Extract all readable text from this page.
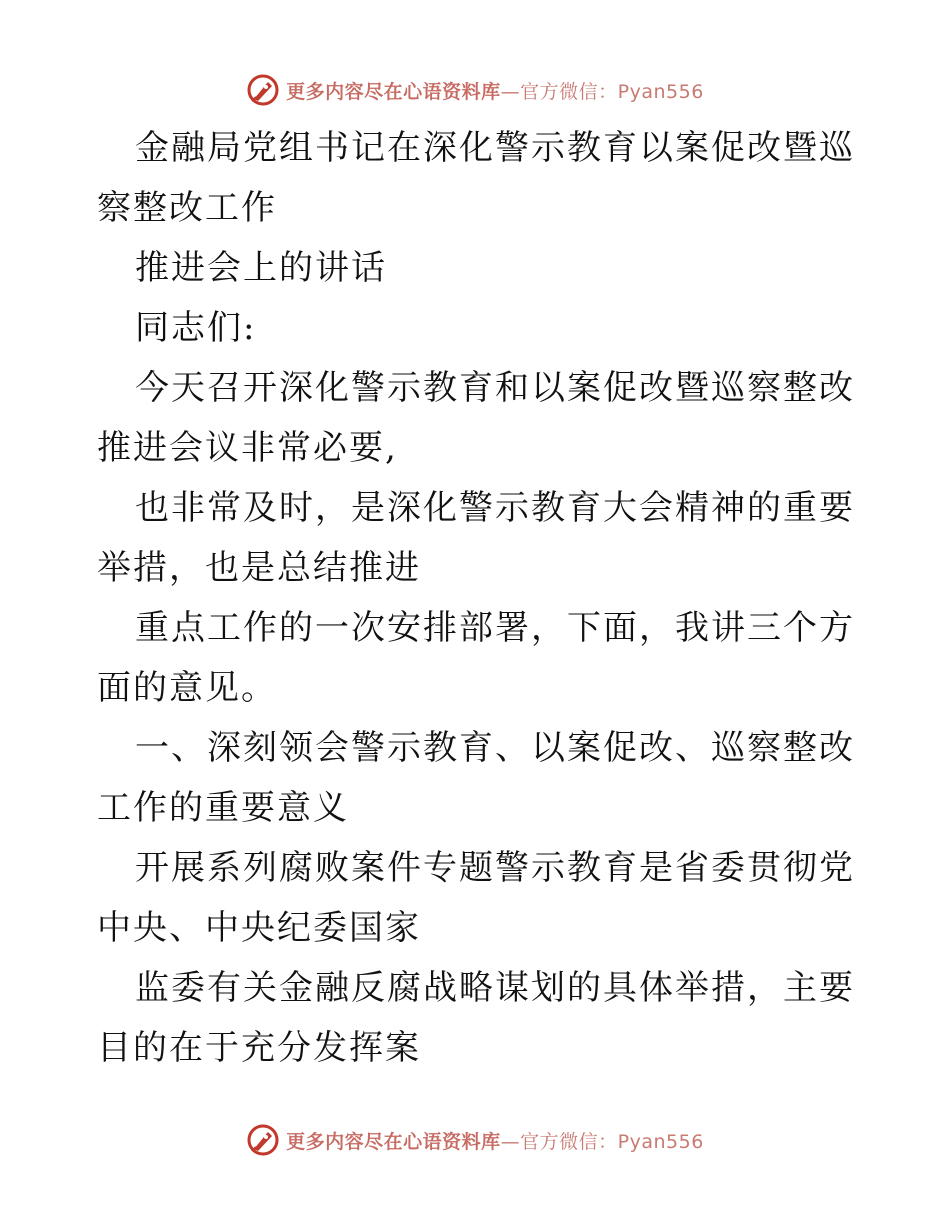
更多内容尽在心语资料库—官方微信：Pyan556

金融局党组书记在深化警示教育以案促改暨巡察整改工作

推进会上的讲话

同志们:

今天召开深化警示教育和以案促改暨巡察整改推进会议非常必要,

也非常及时，是深化警示教育大会精神的重要举措，也是总结推进

重点工作的一次安排部署，下面，我讲三个方面的意见。

一、深刻领会警示教育、以案促改、巡察整改工作的重要意义

开展系列腐败案件专题警示教育是省委贯彻党中央、中央纪委国家

监委有关金融反腐战略谋划的具体举措，主要目的在于充分发挥案

更多内容尽在心语资料库—官方微信：Pyan556
